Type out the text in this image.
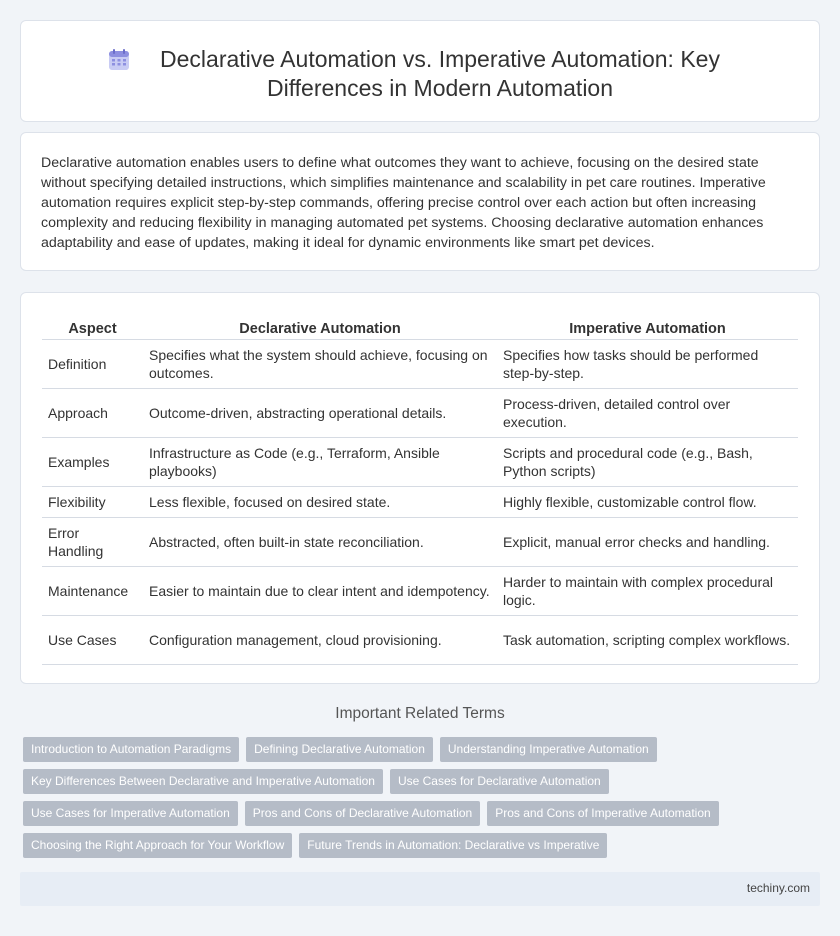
Declarative Automation vs. Imperative Automation: Key Differences in Modern Automation

Declarative automation enables users to define what outcomes they want to achieve, focusing on the desired state without specifying detailed instructions, which simplifies maintenance and scalability in pet care routines. Imperative automation requires explicit step-by-step commands, offering precise control over each action but often increasing complexity and reducing flexibility in managing automated pet systems. Choosing declarative automation enhances adaptability and ease of updates, making it ideal for dynamic environments like smart pet devices.

Aspect	Declarative Automation	Imperative Automation
Definition	Specifies what the system should achieve, focusing on outcomes.	Specifies how tasks should be performed step-by-step.
Approach	Outcome-driven, abstracting operational details.	Process-driven, detailed control over execution.
Examples	Infrastructure as Code (e.g., Terraform, Ansible playbooks)	Scripts and procedural code (e.g., Bash, Python scripts)
Flexibility	Less flexible, focused on desired state.	Highly flexible, customizable control flow.
Error Handling	Abstracted, often built-in state reconciliation.	Explicit, manual error checks and handling.
Maintenance	Easier to maintain due to clear intent and idempotency.	Harder to maintain with complex procedural logic.
Use Cases	Configuration management, cloud provisioning.	Task automation, scripting complex workflows.
Important Related Terms
Introduction to Automation Paradigms	Defining Declarative Automation	Understanding Imperative Automation
Key Differences Between Declarative and Imperative Automation	Use Cases for Declarative Automation
Use Cases for Imperative Automation	Pros and Cons of Declarative Automation	Pros and Cons of Imperative Automation
Choosing the Right Approach for Your Workflow	Future Trends in Automation: Declarative vs Imperative
techiny.com
